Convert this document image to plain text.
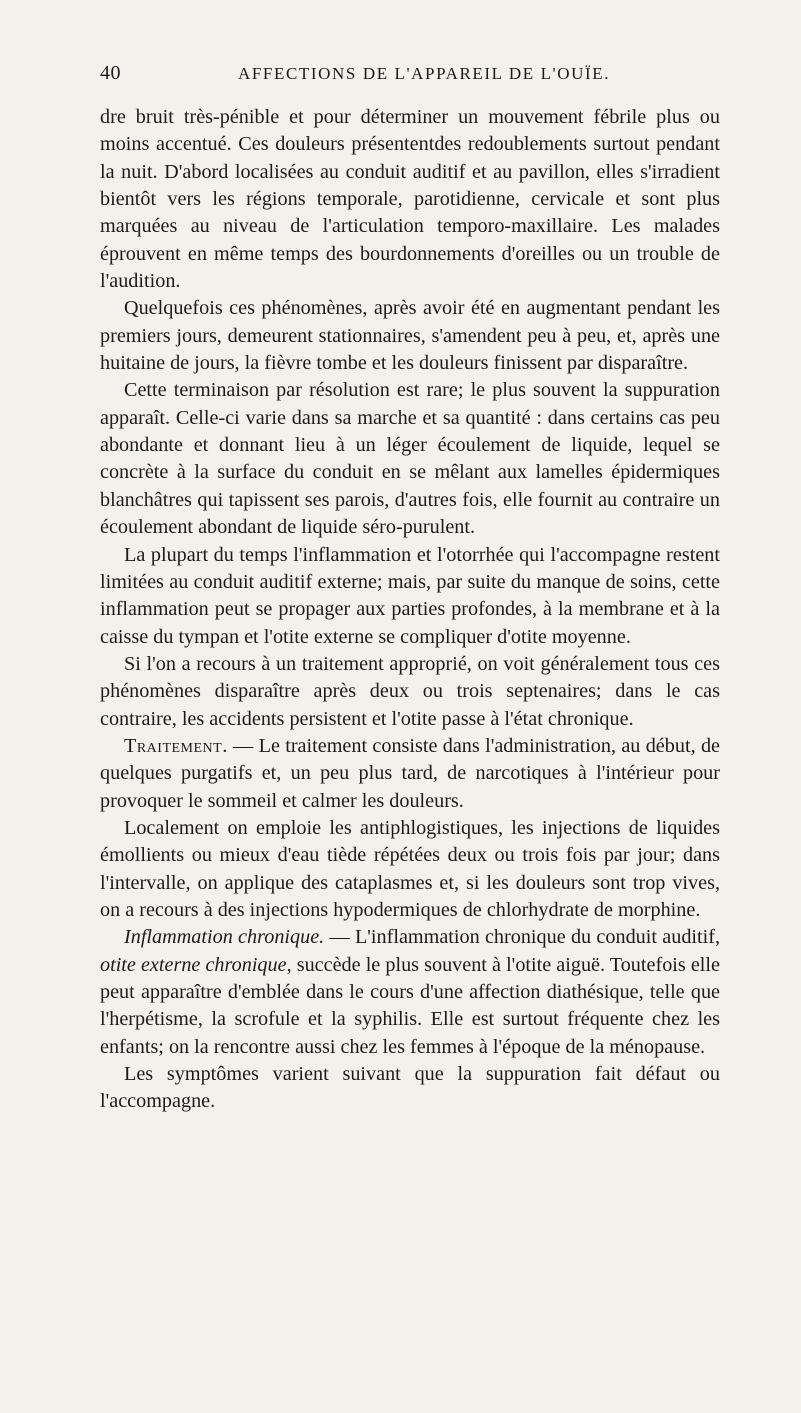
40	AFFECTIONS DE L'APPAREIL DE L'OUÏE.

dre bruit très-pénible et pour déterminer un mouvement fébrile plus ou moins accentué. Ces douleurs présententdes redoublements surtout pendant la nuit. D'abord localisées au conduit auditif et au pavillon, elles s'irradient bientôt vers les régions temporale, parotidienne, cervicale et sont plus marquées au niveau de l'articulation temporo-maxillaire. Les malades éprouvent en même temps des bourdonnements d'oreilles ou un trouble de l'audition.

Quelquefois ces phénomènes, après avoir été en augmentant pendant les premiers jours, demeurent stationnaires, s'amendent peu à peu, et, après une huitaine de jours, la fièvre tombe et les douleurs finissent par disparaître.

Cette terminaison par résolution est rare; le plus souvent la suppuration apparaît. Celle-ci varie dans sa marche et sa quantité : dans certains cas peu abondante et donnant lieu à un léger écoulement de liquide, lequel se concrète à la surface du conduit en se mêlant aux lamelles épidermiques blanchâtres qui tapissent ses parois, d'autres fois, elle fournit au contraire un écoulement abondant de liquide séro-purulent.

La plupart du temps l'inflammation et l'otorrhée qui l'accompagne restent limitées au conduit auditif externe; mais, par suite du manque de soins, cette inflammation peut se propager aux parties profondes, à la membrane et à la caisse du tympan et l'otite externe se compliquer d'otite moyenne.

Si l'on a recours à un traitement approprié, on voit généralement tous ces phénomènes disparaître après deux ou trois septenaires; dans le cas contraire, les accidents persistent et l'otite passe à l'état chronique.

Traitement. — Le traitement consiste dans l'administration, au début, de quelques purgatifs et, un peu plus tard, de narcotiques à l'intérieur pour provoquer le sommeil et calmer les douleurs.

Localement on emploie les antiphlogistiques, les injections de liquides émollients ou mieux d'eau tiède répétées deux ou trois fois par jour; dans l'intervalle, on applique des cataplasmes et, si les douleurs sont trop vives, on a recours à des injections hypodermiques de chlorhydrate de morphine.

Inflammation chronique. — L'inflammation chronique du conduit auditif, otite externe chronique, succède le plus souvent à l'otite aiguë. Toutefois elle peut apparaître d'emblée dans le cours d'une affection diathésique, telle que l'herpétisme, la scrofule et la syphilis. Elle est surtout fréquente chez les enfants; on la rencontre aussi chez les femmes à l'époque de la ménopause.

Les symptômes varient suivant que la suppuration fait défaut ou l'accompagne.
